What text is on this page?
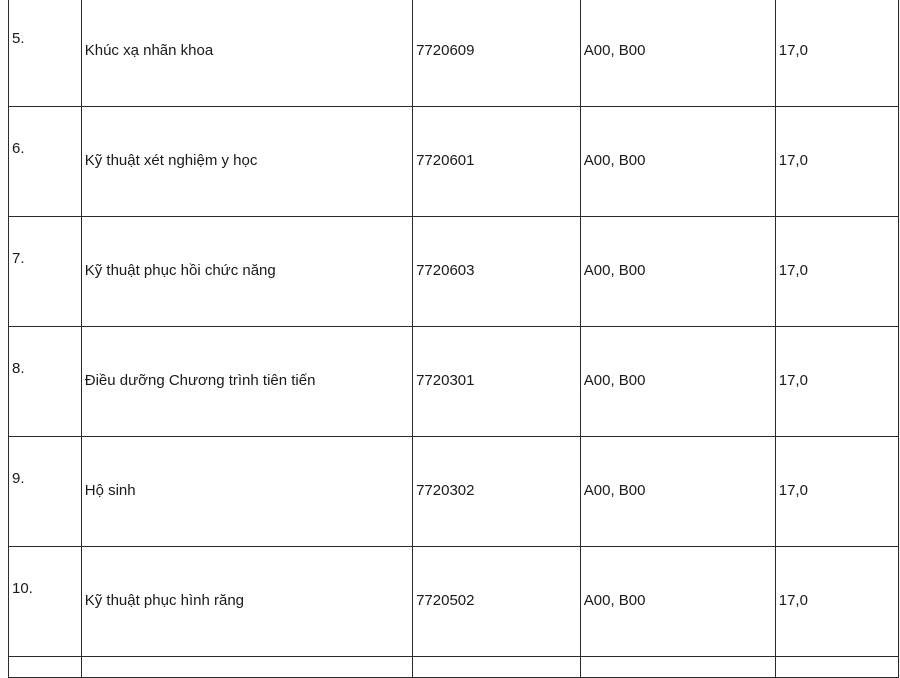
5.	Khúc xạ nhãn khoa	7720609	A00, B00	17,0

6.	Kỹ thuật xét nghiệm y học	7720601	A00, B00	17,0

7.	Kỹ thuật phục hồi chức năng	7720603	A00, B00	17,0

8.	Điều dưỡng Chương trình tiên tiến	7720301	A00, B00	17,0

9.	Hộ sinh	7720302	A00, B00	17,0

10.	Kỹ thuật phục hình răng	7720502	A00, B00	17,0
